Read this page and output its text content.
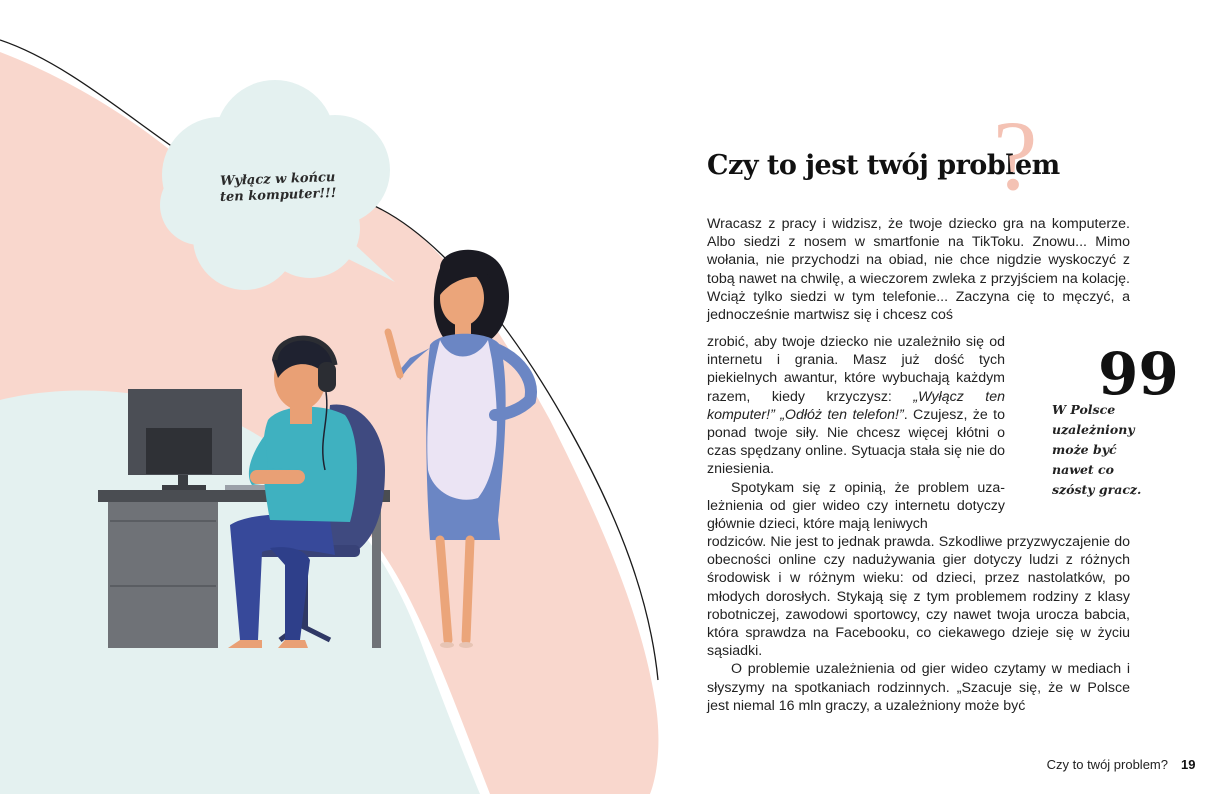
Wyłącz w końcu ten komputer!!!
Czy to jest twój problem
?

Wracasz z pracy i widzisz, że twoje dziecko gra na komputerze. Albo siedzi z nosem w smartfonie na TikToku. Znowu... Mimo wołania, nie przychodzi na obiad, nie chce nigdzie wyskoczyć z tobą nawet na chwilę, a wieczorem zwleka z przyjściem na kolację. Wciąż tylko siedzi w tym telefonie... Zaczyna cię to męczyć, a jednocześnie martwisz się i chcesz coś

zrobić, aby twoje dziecko nie uzależniło się od internetu i grania. Masz już dość tych piekielnych awantur, które wybuchają każdym razem, kiedy krzyczysz: „Wyłącz ten komputer!” „Odłóż ten telefon!”. Czujesz, że to ponad twoje siły. Nie chcesz więcej kłótni o czas spędzany online. Sytuacja stała się nie do zniesienia.

Spotykam się z opinią, że problem uzależnienia od gier wideo czy internetu dotyczy głównie dzieci, które mają leniwych

rodziców. Nie jest to jednak prawda. Szkodliwe przyzwyczajenie do obecności online czy nadużywania gier dotyczy ludzi z różnych środowisk i w różnym wieku: od dzieci, przez nastolatków, po młodych dorosłych. Stykają się z tym problemem rodziny z klasy robotniczej, zawodowi sportowcy, czy nawet twoja urocza babcia, która sprawdza na Facebooku, co ciekawego dzieje się w życiu sąsiadki.

O problemie uzależnienia od gier wideo czytamy w mediach i słyszymy na spotkaniach rodzinnych. „Szacuje się, że w Polsce jest niemal 16 mln graczy, a uzależniony może być

99
W Polsce uzależniony może być nawet co szósty gracz.
Czy to twój problem? 19
